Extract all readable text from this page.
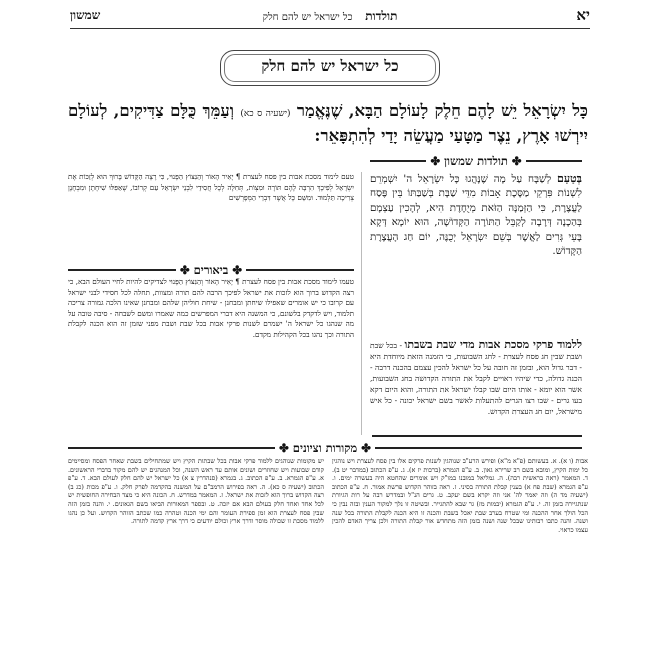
יא
תולדות    כל ישראל יש להם חלק
שמשון
כל ישראל יש להם חלק
כָּל יִשְׂרָאֵל יֵשׁ לָהֶם חֵלֶק לָעוֹלָם הַבָּא, שֶׁנֶּאֱמַר (ישעיה ס כא) וְעַמֵּךְ כֻּלָּם צַדִּיקִים, לְעוֹלָם יִירְשׁוּ אָרֶץ, נֵצֶר מַטָּעַי מַעֲשֵׂה יָדַי לְהִתְפָּאֵר:
✤
תולדות שמשון
✤
בְּטַעַם לְשַׁבָּח עַל מָה שֶׁנָּהֲגוּ כָּל יִשְׂרָאֵל ה' יִשְׁמְרֵם לִשְׁנוֹת פִּרְקֵי מַסֶּכֶת אָבוֹת מִדֵּי שַׁבָּת בְּשַׁבַּתּוֹ בֵּין פֶּסַח לַעֲצֶרֶת, כִּי הַזְּמַנָּה הַזֹּאת מְיֻחֶדֶת הִיא, לְהָכִין עַצְמָם בְּהַכָנָה דְּרָבָה לְקַבֵּל הַתּוֹרָה הַקְּדוֹשָׁה, הוּא יוֹמָא דְּקָא בָּעֵי גְּרִים לַאֲשֶׁר בְּשֵׁם יִשְׂרָאֵל יְכֻנֶּה, יוֹם חַג הָעֲצֶרֶת הַקָּדוֹשׁ.
טעם לימוד מסכת אבות בין פסח לעצרת ¶ יָאִיר הָאוֹר וְהַנִּצּוֹץ הַפָּנוּי, כִּי רָצָה הַקָּדוֹשׁ בָּרוּךְ הוּא לְזַכּוֹת אֶת יִשְׂרָאֵל לְפִיכָךְ הִרְבָּה לָהֶם תּוֹרָה וּמִצְוֹת, תְּחִלָּה לְכָל חֲסִידֵי לִבְנֵי יִשְׂרָאֵל עַם קְרוֹבוֹ, שֶׁאַפִּלּוּ שִׁיחָתָן וּמִבְחָנָן צְרִיכָה תַּלְמוּד. וּמִשֵּׁם כָּל אֲשֶׁר דִּבְרֵי הַמְּפָרְשִׁים
✤
ביאורים
✤
ללמוד פרקי מסכת אבות מדי שבת בשבתו - בכל שבת ושבת שבין חג פסח לעצרת - לחג השבועות, כי הזמנה הזאת מיוחדת היא - דבר גדול הוא, ובזמן זה חובה על כל ישראל להכין עצמם בהכנה דרבה - הכנה גדולה, כדי שיהיו ראויים לקבל את התורה הקדושה בחג השבועות, אשר הוא יומא - אותו היום שבו קבלו ישראל את התורה, והוא היום דקא בעו גרים - שבו רצו הגרים להתעלות לאשר בשם ישראל יכונה - כל איש מישראל, יום חג העצרת הקדוש.
טעמו לימוד מסכת אבות בין פסח לעצרת ¶ יָאִיר הָאוֹר וְהַנִּצּוֹץ הַפָּנוּי לצדיקים להיות לחיי העולם הבא, כי רצה הקדוש ברוך הוא לזכות את ישראל לפיכך הרבה להם תורה ומצוות, תחלה לכל חסידי לבני ישראל עם קרובו כי יש אומרים שאפילו שיחתן ומבחנן - שיחת חוליהן שלהם ומבחנן שאינו הלכה גמורה צריכה תלמוד, ויש לדקדק בלשונם, כי המשנה היא דברי המפרשים כמה שאמרו ומשם לשבחה - סיבה טובה על מה שנהגו כל ישראל ה' ישמרם לשנות פרקי אבות בכל שבת ושבת מפני שזמן זה הוא הכנה לקבלת התורה וכך נהגו בכל הקהילות מקדם.
✤
מקורות וציונים
✤
אבות (ו א). א. בעשותם (פ"א מ"א) ופירש הרע"ב שנוהגין לשנות פרקים אלו בין פסח לעצרת ויש נוהגין כל ימות הקיץ, ומובא בשם רב שרירא גאון. ב. ע"פ הגמרא (ברכות יז א). ג. ע"פ הכתוב (במדבר יט ב). ד. המאמר (ראה בראשית רבה). ה. גמליאל במובנו במו"ק ויש אומרים שהחטא היה בעשרה ימים. ו. ע"פ הגמרא (שבת פח א) בענין קבלת התורה בסיני. ז. ראה בזוהר הקדוש פרשת אמור. ח. ע"פ הכתוב (ישעיה מד ה) וזה יאמר לה' אני וזה יקרא בשם יעקב. ט. גרים הנ"ל ובמדרש רבה על רות הגיורת שנתגיירה בזמן זה. י. ע"פ הגמרא (יבמות מז) גר שבא להתגייר. ובשיטה זו נלך למקור הענין ובזה נבין כי הכל הולך אחר ההכנה ומי שטרח בערב שבת יאכל בשבת והכנה זו היא הכנה לקבלת התורה בכל שנה ושנה. והנה כתבו רבותינו שבכל שנה ושנה בזמן הזה מתחדש אור קבלת התורה ולכן צריך האדם להכין עצמו כראוי.
יש מקומות שנוהגים ללמוד פרקי אבות בכל שבתות הקיץ ויש שמתחילים בשבת שאחר הפסח ומסיימים קודם שבועות ויש שחוזרים ושונים אותם עד ראש השנה, וכל המנהגים יש להם מקור בדברי הראשונים. א. ע"פ הגמרא. ב. ע"פ הכתוב. ג. בגמרא (סנהדרין צ א) כל ישראל יש להם חלק לעולם הבא. ד. ע"פ הכתוב (ישעיה ס כא). ה. ראה בפירוש הרמב"ם על המשנה בהקדמה לפרק חלק. ו. ע"פ מכות (כג ב) רצה הקדוש ברוך הוא לזכות את ישראל. ז. המאמר במדרש. ח. הכונה היא כי מצד הבחירה החופשית יש לכל אחד ואחד חלק בעולם הבא אם יזכה. ט. ובספר המאורות הביאו בשם הגאונים. י. והנה בזמן הזה שבין פסח לעצרת הוא זמן ספירת העומר והם ימי הכנה וטהרה כמו שכתב הזוהר הקדוש. ועל כן נהגו ללמוד מסכת זו שכולה מוסר ודרך ארץ וכולם יודעים כי דרך ארץ קדמה לתורה.
